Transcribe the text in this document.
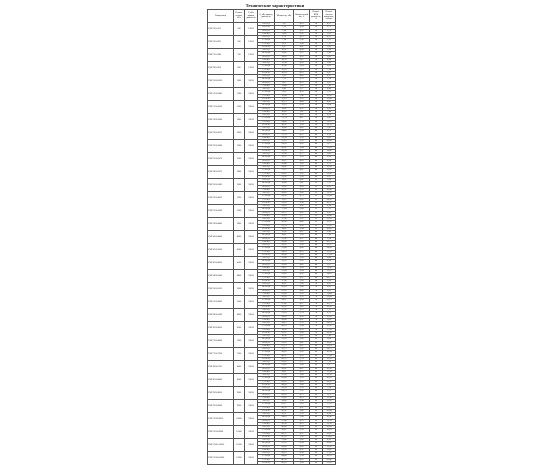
Технические характеристики
Типоразмер	Номин. подача, м³/ч	Р, кВт привод двигателя	Р, кВт привод двигателя	Мощность, кВт	Номинальный ток, А	Номин. КПД двигателя, %	Номин. частота вращения, об/мин
EWP 500-1015	500	1/6/50	10/5/2,8	5,6	4,25	16	4,37
			14/12/10	7,25	4,94	16	6,71
			8/5/6,18	7,86	4,52	16	5,72
			12/6/4,6	11,41	2,61	16	5,92
EWP 500-2055	500	1/6/50	20/5/2,6	5,72	4,13	16	4,21
			17/12/4,6	7,14	5,56	16	5,12
			17/5/8,8	10,2	3,96	16	7,12
			22/16/10	1,67	4,01	16	5,82
EWP 700-1060	700	1/6/50	25/5/2,6	10,32	4,08	16	1,58
			18/12/4,6	12,45	5,12	16	2,40
			8/5/6,18	14,92	4,52	16	3,61
			12/6/4,6	16,76	3,47	16	4,98
EWP 900-2050	900	1/6/50	20/5/2,6	15,34	4,50	16	5,88
			17/12/4,6	16,98	5,14	16	6,92
			17/5/8,8	19,23	3,22	16	7,34
			22/16/10	20,14	4,10	16	8,07
EWP 1000-2050	1000	3/6/50	25/5/2,6	5,95	4,85	28	4,27
			18/12/4,6	7,32	5,70	28	5,16
			8/5/6,18	9,67	4,19	28	6,02
			12/6/4,6	11,44	3,92	28	7,85
EWP 1200-2045	1200	3/6/50	20/5/2,6	9,45	5,27	28	8,40
			17/12/4,6	13,21	4,76	28	9,12
			17/5/8,8	15,88	3,96	28	10,05
			22/16/10	17,12	3,35	28	12,44
EWP 1500-2030	1500	3/6/50	25/5/2,6	10,73	4,48	28	4,81
			18/12/4,6	12,15	5,03	28	5,64
			8/5/6,18	14,01	4,31	28	6,59
			12/6/4,6	16,43	3,81	28	7,48
EWP 1800-3060	1800	3/6/50	20/5/2,6	18,53	5,42	28	8,26
			17/12/4,6	21,74	4,67	28	9,81
			17/5/8,8	24,66	3,74	28	11,10
			22/16/10	26,52	3,08	28	12,53
EWP 2000-3055	2000	3/6/50	25/5/2,6	10,40	4,65	40	5,47
			18/12/4,6	14,82	5,38	40	6,73
			8/5/6,18	17,33	4,12	40	8,16
			12/6/4,6	19,54	3,59	40	9,62
EWP 2200-3080	2200	3/6/50	20/5/2,6	22,18	5,16	40	10,48
			17/12/4,6	24,95	4,52	40	11,77
			17/5/8,8	26,61	3,84	40	13,20
			22/16/10	28,34	3,21	40	14,86
EWP 2500-2070	2500	3/6/50	25/5/2,6	12,08	4,71	40	5,62
			18/12/4,6	15,37	5,29	40	6,90
			8/5/6,18	18,12	4,18	40	8,34
			12/6/4,6	20,46	3,63	40	9,71
EWP 2800-3075	2800	3/6/50	20/5/2,6	24,82	5,33	40	10,98
			17/12/4,6	27,15	4,61	40	12,41
			17/5/8,8	29,47	3,92	40	13,85
			22/16/10	31,26	3,30	40	15,37
EWP 3000-3065	3000	3/6/50	25/5/2,6	13,51	4,82	52	5,96
			18/12/4,6	16,88	5,41	52	7,22
			8/5/6,18	19,95	4,24	52	8,63
			12/6/4,6	22,37	3,70	52	10,08
EWP 3200-4050	3200	3/6/50	20/5/2,6	26,43	5,45	52	11,52
			17/12/4,6	28,90	4,73	52	13,04
			17/5/8,8	31,12	4,02	52	14,50
			22/16/10	33,05	3,38	52	16,11
EWP 3500-3060	3500	3/6/50	25/5/2,6	14,26	4,90	52	6,18
			18/12/4,6	17,64	5,48	52	7,51
			8/5/6,18	20,71	4,31	52	8,92
			12/6/4,6	23,19	3,77	52	10,40
EWP 3800-4045	3800	3/6/50	20/5/2,6	27,98	5,51	52	12,03
			17/12/4,6	30,36	4,80	52	13,55
			17/5/8,8	32,74	4,09	52	15,02
			22/16/10	34,82	3,44	52	16,68
EWP 4000-4060	4000	3/6/50	25/5/2,6	15,02	4,97	64	6,41
			18/12/4,6	18,47	5,56	64	7,80
			8/5/6,18	21,56	4,37	64	9,24
			12/6/4,6	24,08	3,83	64	10,73
EWP 4200-5050	4200	3/6/50	20/5/2,6	29,51	5,58	64	12,57
			17/12/4,6	31,88	4,86	64	14,08
			17/5/8,8	34,29	4,15	64	15,59
			22/16/10	36,40	3,50	64	17,24
EWP 4500-4050	4500	3/6/50	25/5/2,6	15,84	5,03	64	6,66
			18/12/4,6	19,32	5,62	64	8,10
			8/5/6,18	22,43	4,43	64	9,57
			12/6/4,6	24,97	3,89	64	11,08
EWP 4800-5040	4800	3/6/50	20/5/2,6	31,04	5,64	64	13,10
			17/12/4,6	33,42	4,92	64	14,63
			17/5/8,8	35,85	4,21	64	16,17
			22/16/10	37,96	3,56	64	17,81
EWP 5000-5055	5000	3/6/50	25/5/2,6	16,67	5,09	76	6,91
			18/12/4,6	20,18	5,68	76	8,41
			8/5/6,18	23,31	4,49	76	9,91
			12/6/4,6	25,88	3,95	76	11,44
EWP 5500-6045	5500	3/6/50	20/5/2,6	32,59	5,70	76	13,64
			17/12/4,6	34,97	4,98	76	15,19
			17/5/8,8	37,42	4,27	76	16,75
			22/16/10	39,53	3,62	76	18,39
EWP 6000-5060	6000	3/6/50	25/5/2,6	17,51	5,15	76	7,17
			18/12/4,6	21,05	5,74	76	8,72
			8/5/6,18	24,20	4,55	76	10,26
			12/6/4,6	26,80	4,01	76	11,81
EWP 6500-6050	6500	3/6/50	20/5/2,6	34,15	5,76	76	14,19
			17/12/4,6	36,53	5,04	76	15,76
			17/5/8,8	38,99	4,33	76	17,34
			22/16/10	41,11	3,68	76	18,98
EWP 7000-6060	7000	3/6/50	25/5/2,6	18,36	5,21	90	7,43
			18/12/4,6	21,93	5,80	90	9,04
			8/5/6,18	25,10	4,61	90	10,62
			12/6/4,6	27,73	4,07	90	12,19
EWP 7500-7050	7500	3/6/50	20/5/2,6	35,72	5,82	90	14,75
			17/12/4,6	38,10	5,10	90	16,34
			17/5/8,8	40,57	4,39	90	17,94
			22/16/10	42,70	3,74	90	19,59
EWP 8000-7055	8000	3/6/50	25/5/2,6	19,22	5,27	90	7,70
			18/12/4,6	22,82	5,86	90	9,37
			8/5/6,18	26,01	4,67	90	10,99
			12/6/4,6	28,67	4,13	90	12,58
EWP 8500-8045	8500	3/6/50	20/5/2,6	37,30	5,88	90	15,32
			17/12/4,6	39,68	5,16	90	16,93
			17/5/8,8	42,16	4,45	90	18,55
			22/16/10	44,30	3,80	90	20,21
EWP 9000-8050	9000	3/6/50	25/5/2,6	20,09	5,33	90	7,98
			18/12/4,6	23,72	5,92	90	9,71
			8/5/6,18	26,93	4,73	90	11,37
			12/6/4,6	29,62	4,19	90	12,98
EWP 9500-9040	9500	3/6/50	20/5/2,6	38,89	5,94	90	15,90
			17/12/4,6	41,27	5,22	90	17,53
			17/5/8,8	43,76	4,51	90	19,17
			22/16/10	45,91	3,86	90	20,84
EWP 10000-9050	10000	3/6/50	25/5/2,6	20,97	5,39	90	8,26
			18/12/4,6	24,63	5,98	90	10,06
			8/5/6,18	27,86	4,79	90	11,76
			12/6/4,6	30,58	4,25	90	13,39
EWP 10500-9060	10500	3/6/50	20/5/2,6	40,49	6,00	90	16,49
			17/12/4,6	42,87	5,28	90	18,14
			17/5/8,8	45,37	4,57	90	19,81
			22/16/10	47,53	3,92	90	21,49
EWP 11000-10050	11000	3/6/50	25/5/2,6	21,86	5,45	90	8,55
			18/12/4,6	25,55	6,04	90	10,42
			8/5/6,18	28,80	4,85	90	12,16
			12/6/4,6	31,55	4,31	90	13,81
EWP 12000-10060	12000	3/6/50	20/5/2,6	42,10	6,06	90	17,09
			17/12/4,6	44,48	5,34	90	18,76
			17/5/8,8	46,99	4,63	90	20,46
			22/16/10	49,16	3,98	90	22,16
